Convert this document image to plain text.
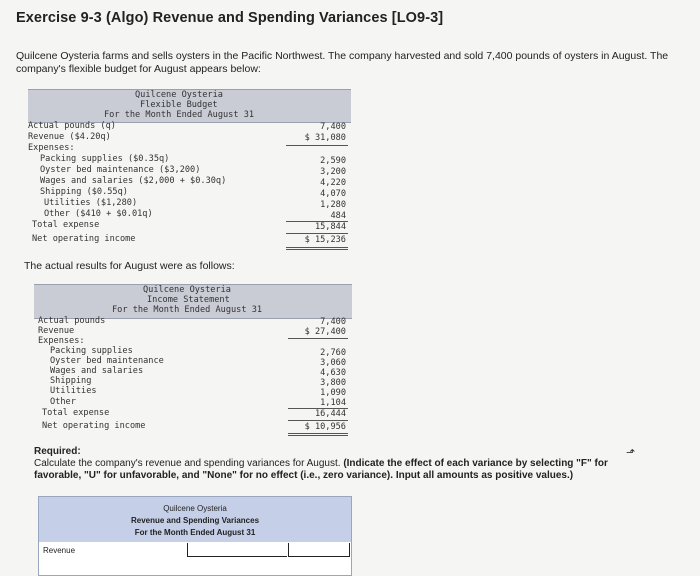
Exercise 9-3 (Algo) Revenue and Spending Variances [LO9-3]
Quilcene Oysteria farms and sells oysters in the Pacific Northwest. The company harvested and sold 7,400 pounds of oysters in August. The company's flexible budget for August appears below:
Quilcene Oysteria
Flexible Budget
For the Month Ended August 31
Actual pounds (q)
Revenue ($4.20q)
Expenses:
Packing supplies ($0.35q)
Oyster bed maintenance ($3,200)
Wages and salaries ($2,000 + $0.30q)
Shipping ($0.55q)
Utilities ($1,280)
Other ($410 + $0.01q)
Total expense
Net operating income
7,400
$ 31,080
2,590
3,200
4,220
4,070
1,280
484
15,844
$ 15,236
The actual results for August were as follows:
Quilcene Oysteria
Income Statement
For the Month Ended August 31
Actual pounds
Revenue
Expenses:
Packing supplies
Oyster bed maintenance
Wages and salaries
Shipping
Utilities
Other
Total expense
Net operating income
7,400
$ 27,400
2,760
3,060
4,630
3,800
1,090
1,104
16,444
$ 10,956
Required:
Calculate the company's revenue and spending variances for August. (Indicate the effect of each variance by selecting "F" for favorable, "U" for unfavorable, and "None" for no effect (i.e., zero variance). Input all amounts as positive values.)
⬏
Quilcene Oysteria
Revenue and Spending Variances
For the Month Ended August 31
Revenue
